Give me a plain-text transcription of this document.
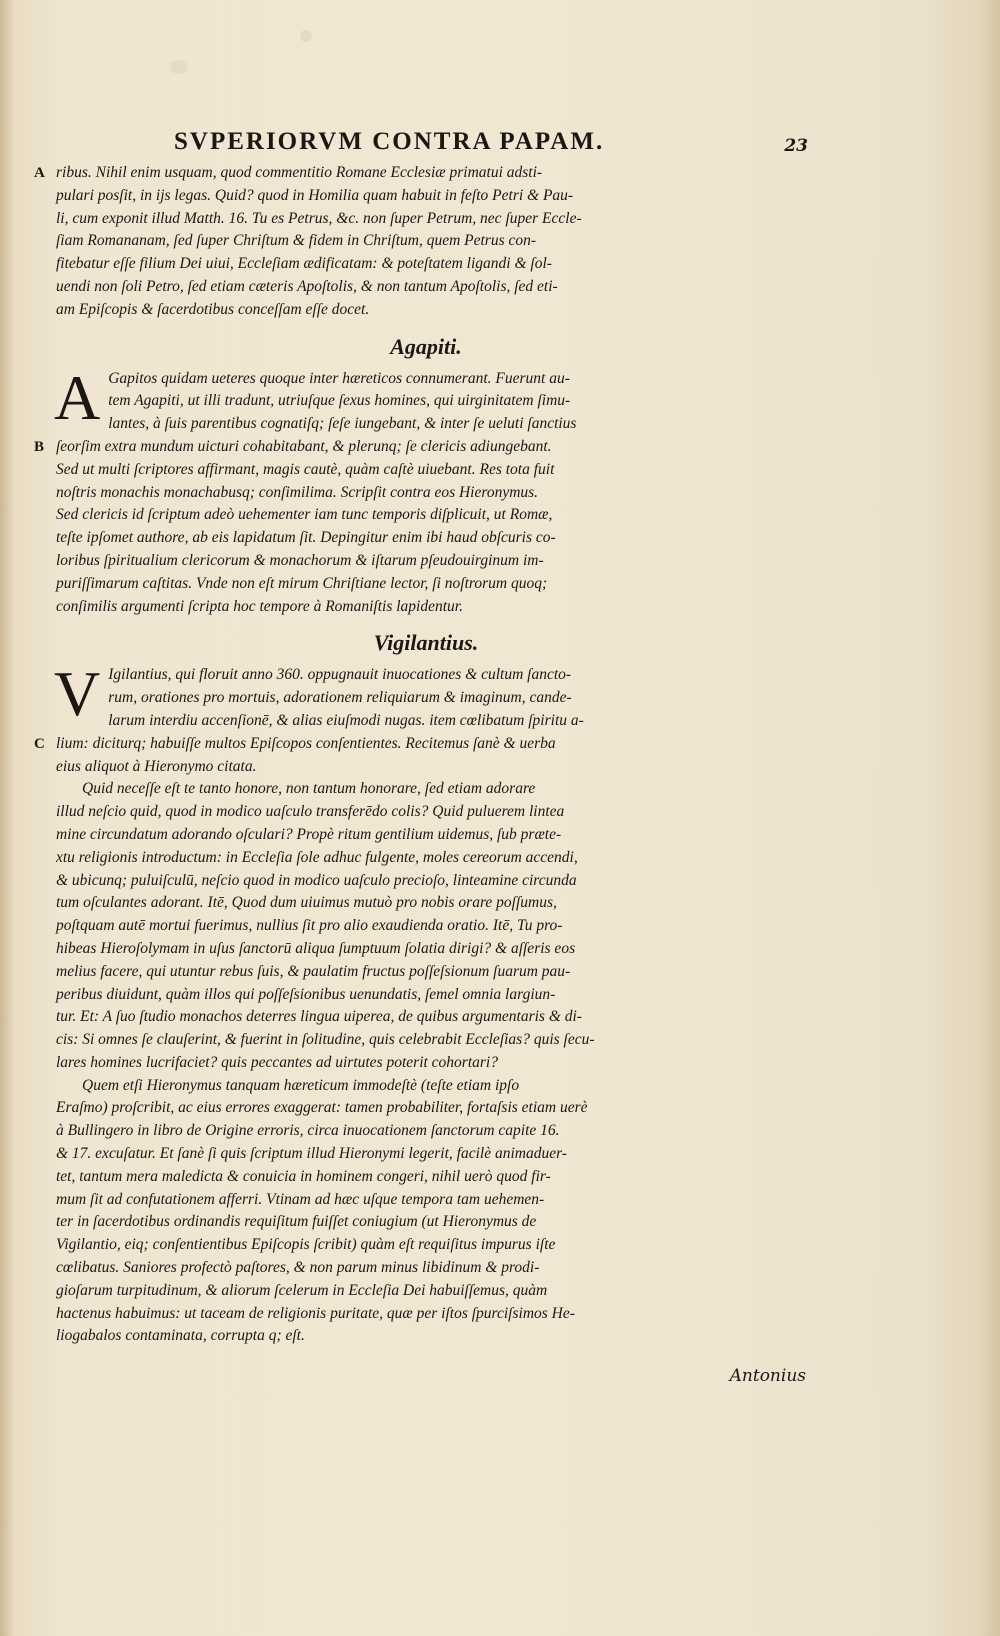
SVPERIORVM CONTRA PAPAM.	23
ribus. Nihil enim usquam, quod commentitio Romane Ecclesiæ primatui adsti-
A
pulari posſit, in ijs legas. Quid? quod in Homilia quam habuit in feſto Petri & Pau-
li, cum exponit illud Matth. 16. Tu es Petrus, &c. non ſuper Petrum, nec ſuper Eccle-
ſiam Romananam, ſed ſuper Chriſtum & fidem in Chriſtum, quem Petrus con-
fitebatur eſſe filium Dei uiui, Eccleſiam ædificatam: & poteſtatem ligandi & ſol-
uendi non ſoli Petro, ſed etiam cæteris Apoſtolis, & non tantum Apoſtolis, ſed eti-
am Epiſcopis & ſacerdotibus conceſſam eſſe docet.
Agapiti.
A Gapitos quidam ueteres quoque inter hæreticos connumerant. Fuerunt au-
tem Agapiti, ut illi tradunt, utriuſque ſexus homines, qui uirginitatem ſimu-
lantes, à ſuis parentibus cognatiſq; ſeſe iungebant, & inter ſe ueluti ſanctius
ſeorſim extra mundum uicturi cohabitabant, & plerunq; ſe clericis adiungebant.
B
Sed ut multi ſcriptores affirmant, magis cautè, quàm caſtè uiuebant. Res tota fuit
noſtris monachis monachabusq; conſimilima. Scripſit contra eos Hieronymus.
Sed clericis id ſcriptum adeò uehementer iam tunc temporis diſplicuit, ut Romæ,
teſte ipſomet authore, ab eis lapidatum ſit. Depingitur enim ibi haud obſcuris co-
loribus ſpiritualium clericorum & monachorum & iſtarum pſeudouirginum im-
puriſſimarum caſtitas. Vnde non eſt mirum Chriſtiane lector, ſi noſtrorum quoq;
conſimilis argumenti ſcripta hoc tempore à Romaniſtis lapidentur.
Vigilantius.
V Igilantius, qui floruit anno 360. oppugnauit inuocationes & cultum ſancto-
rum, orationes pro mortuis, adorationem reliquiarum & imaginum, cande-
larum interdiu accenſionē, & alias eiuſmodi nugas. item cœlibatum ſpiritu a-
lium: diciturq; habuiſſe multos Epiſcopos conſentientes. Recitemus ſanè & uerba
C
eius aliquot à Hieronymo citata.
Quid neceſſe eſt te tanto honore, non tantum honorare, ſed etiam adorare
illud neſcio quid, quod in modico uaſculo transferēdo colis? Quid puluerem lintea
mine circundatum adorando oſculari? Propè ritum gentilium uidemus, ſub præte-
xtu religionis introductum: in Eccleſia ſole adhuc fulgente, moles cereorum accendi,
& ubicunq; puluiſculū, neſcio quod in modico uaſculo precioſo, linteamine circunda
tum oſculantes adorant. Itē, Quod dum uiuimus mutuò pro nobis orare poſſumus,
poſtquam autē mortui fuerimus, nullius ſit pro alio exaudienda oratio. Itē, Tu pro-
hibeas Hieroſolymam in uſus ſanctorū aliqua ſumptuum ſolatia dirigi? & aſſeris eos
melius facere, qui utuntur rebus ſuis, & paulatim fructus poſſeſsionum ſuarum pau-
peribus diuidunt, quàm illos qui poſſeſsionibus uenundatis, ſemel omnia largiun-
tur. Et: A ſuo ſtudio monachos deterres lingua uiperea, de quibus argumentaris & di-
cis: Si omnes ſe clauſerint, & fuerint in ſolitudine, quis celebrabit Eccleſias? quis ſecu-
lares homines lucrifaciet? quis peccantes ad uirtutes poterit cohortari?
Quem etſi Hieronymus tanquam hæreticum immodeſtè (teſte etiam ipſo
Eraſmo) proſcribit, ac eius errores exaggerat: tamen probabiliter, fortaſsis etiam uerè
à Bullingero in libro de Origine erroris, circa inuocationem ſanctorum capite 16.
& 17. excuſatur. Et ſanè ſi quis ſcriptum illud Hieronymi legerit, facilè animaduer-
tet, tantum mera maledicta & conuicia in hominem congeri, nihil uerò quod fir-
mum ſit ad confutationem afferri. Vtinam ad hæc uſque tempora tam uehemen-
ter in ſacerdotibus ordinandis requiſitum fuiſſet coniugium (ut Hieronymus de
Vigilantio, eiq; conſentientibus Epiſcopis ſcribit) quàm eſt requiſitus impurus iſte
cœlibatus. Saniores profectò paſtores, & non parum minus libidinum & prodi-
gioſarum turpitudinum, & aliorum ſcelerum in Eccleſia Dei habuiſſemus, quàm
hactenus habuimus: ut taceam de religionis puritate, quæ per iſtos ſpurciſsimos He-
liogabalos contaminata, corrupta q; eſt.
Antonius
